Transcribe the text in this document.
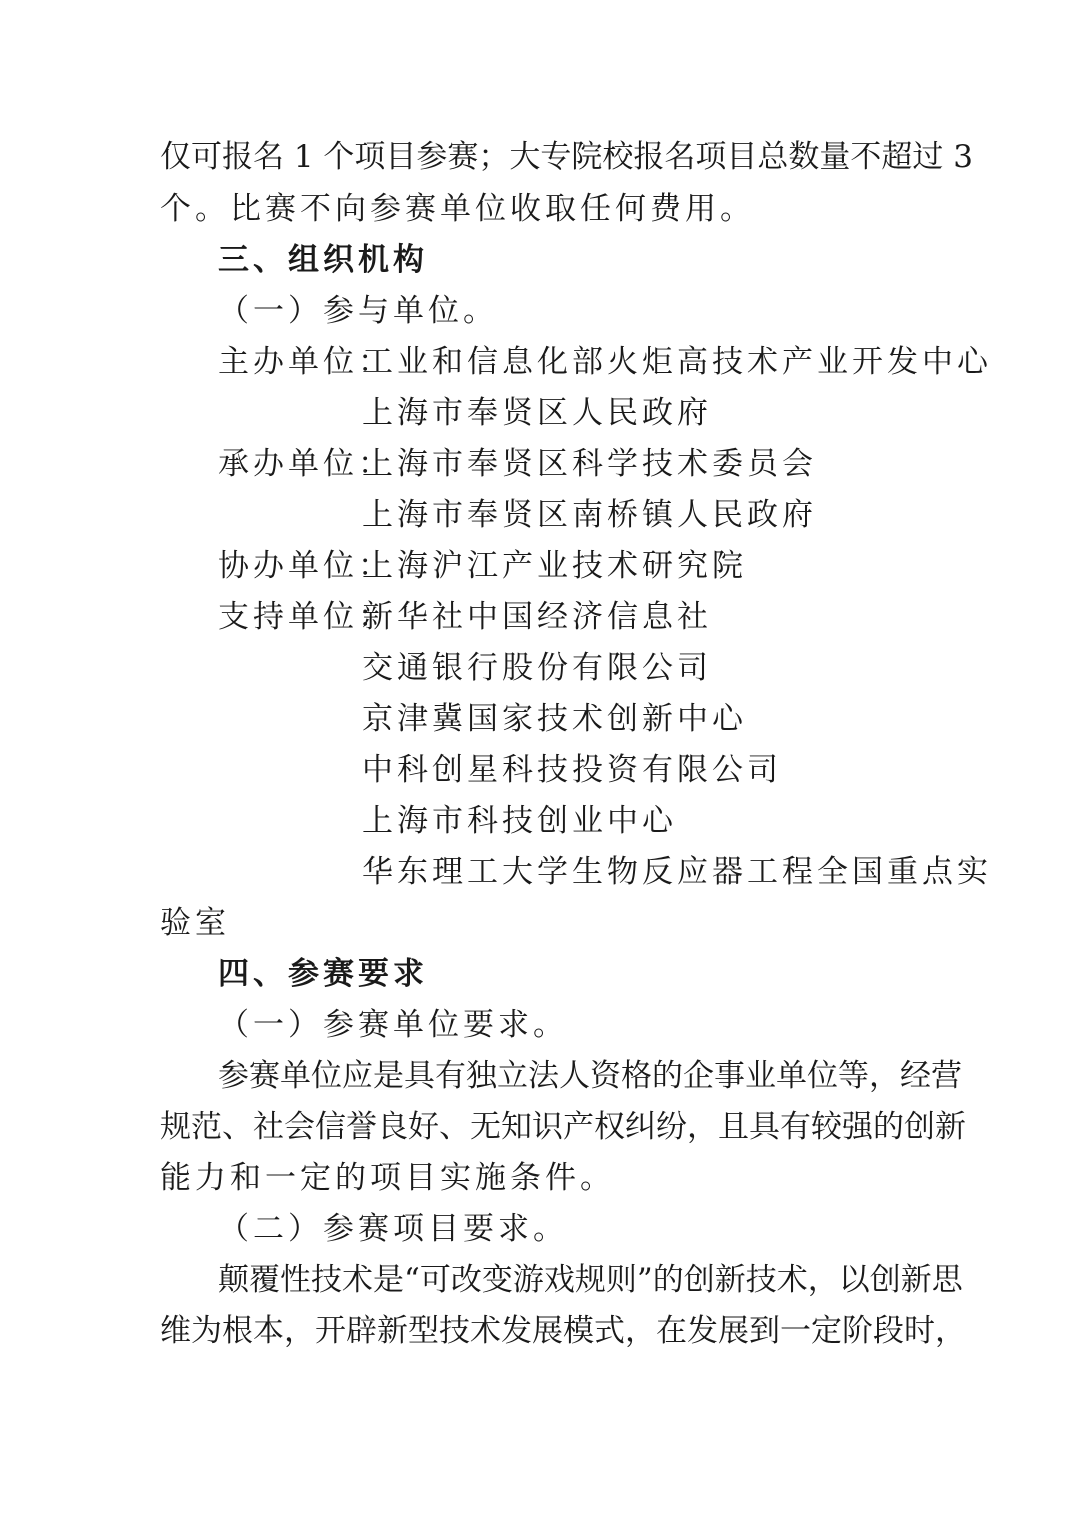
仅可报名 1 个项目参赛；大专院校报名项目总数量不超过 3
个。比赛不向参赛单位收取任何费用。
三、组织机构
（一）参与单位。
主办单位：
工业和信息化部火炬高技术产业开发中心
上海市奉贤区人民政府
承办单位：
上海市奉贤区科学技术委员会
上海市奉贤区南桥镇人民政府
协办单位：
上海沪江产业技术研究院
支持单位：
新华社中国经济信息社
交通银行股份有限公司
京津冀国家技术创新中心
中科创星科技投资有限公司
上海市科技创业中心
华东理工大学生物反应器工程全国重点实
验室
四、参赛要求
（一）参赛单位要求。
参赛单位应是具有独立法人资格的企事业单位等，经营
规范、社会信誉良好、无知识产权纠纷，且具有较强的创新
能力和一定的项目实施条件。
（二）参赛项目要求。
颠覆性技术是“可改变游戏规则”的创新技术，以创新思
维为根本，开辟新型技术发展模式，在发展到一定阶段时，
